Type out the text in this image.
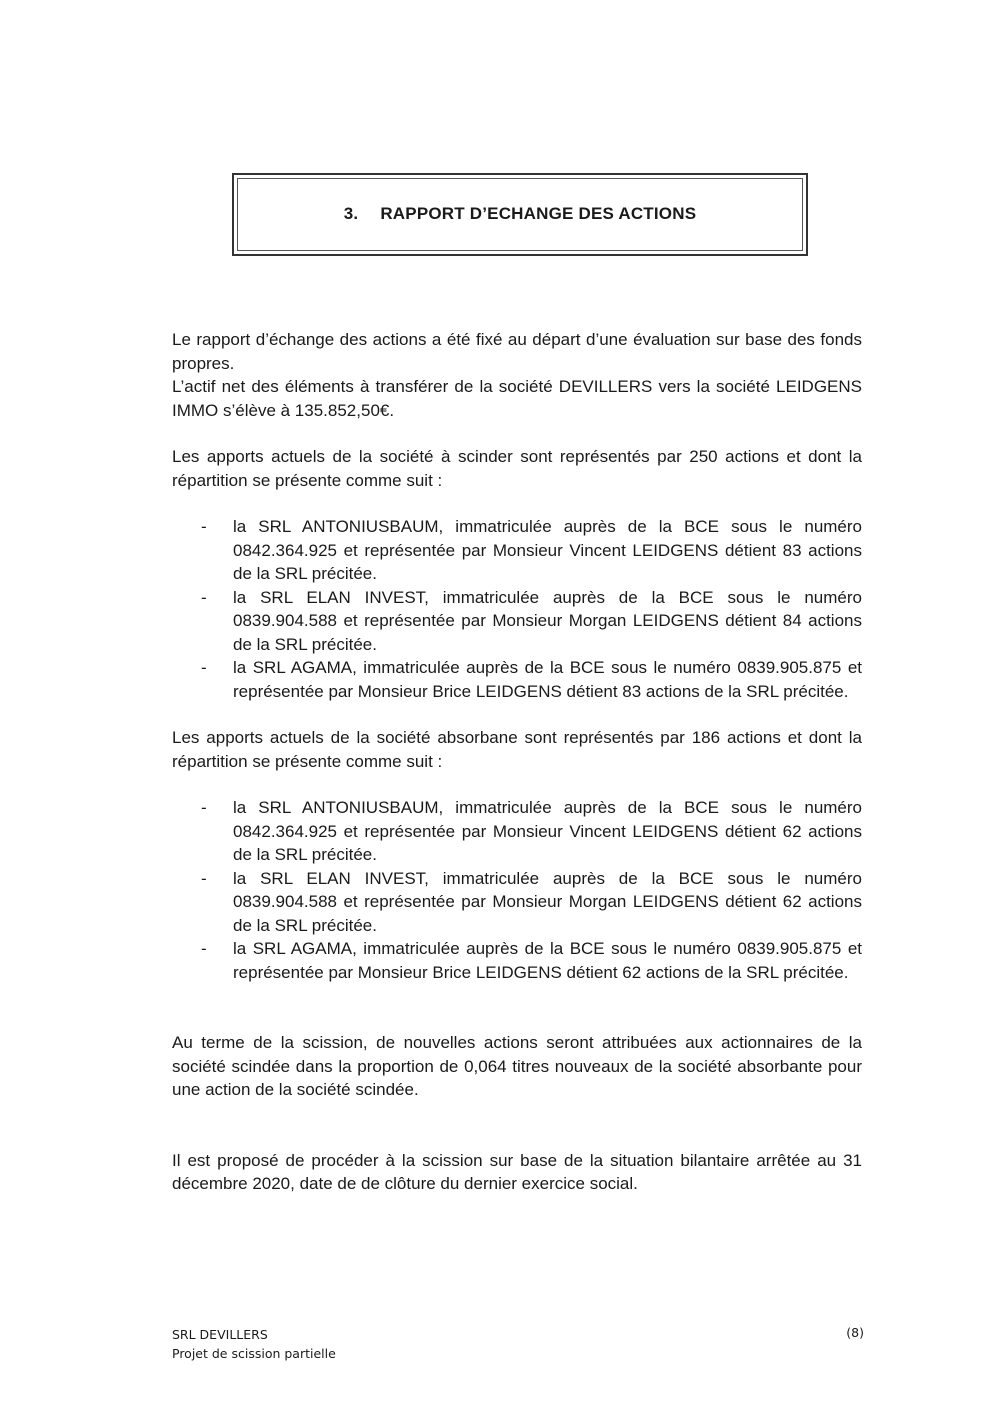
3. RAPPORT D’ECHANGE DES ACTIONS

Le rapport d’échange des actions a été fixé au départ d’une évaluation sur base des fonds propres.

L’actif net des éléments à transférer de la société DEVILLERS vers la société LEIDGENS IMMO s’élève à 135.852,50€.

Les apports actuels de la société à scinder sont représentés par 250 actions et dont la répartition se présente comme suit :

- la SRL ANTONIUSBAUM, immatriculée auprès de la BCE sous le numéro 0842.364.925 et représentée par Monsieur Vincent LEIDGENS détient 83 actions de la SRL précitée.
- la SRL ELAN INVEST, immatriculée auprès de la BCE sous le numéro 0839.904.588 et représentée par Monsieur Morgan LEIDGENS détient 84 actions de la SRL précitée.
- la SRL AGAMA, immatriculée auprès de la BCE sous le numéro 0839.905.875 et représentée par Monsieur Brice LEIDGENS détient 83 actions de la SRL précitée.

Les apports actuels de la société absorbane sont représentés par 186 actions et dont la répartition se présente comme suit :

- la SRL ANTONIUSBAUM, immatriculée auprès de la BCE sous le numéro 0842.364.925 et représentée par Monsieur Vincent LEIDGENS détient 62 actions de la SRL précitée.
- la SRL ELAN INVEST, immatriculée auprès de la BCE sous le numéro 0839.904.588 et représentée par Monsieur Morgan LEIDGENS détient 62 actions de la SRL précitée.
- la SRL AGAMA, immatriculée auprès de la BCE sous le numéro 0839.905.875 et représentée par Monsieur Brice LEIDGENS détient 62 actions de la SRL précitée.

Au terme de la scission, de nouvelles actions seront attribuées aux actionnaires de la société scindée dans la proportion de 0,064 titres nouveaux de la société absorbante pour une action de la société scindée.

Il est proposé de procéder à la scission sur base de la situation bilantaire arrêtée au 31 décembre 2020, date de de clôture du dernier exercice social.

SRL DEVILLERS
Projet de scission partielle
(8)
